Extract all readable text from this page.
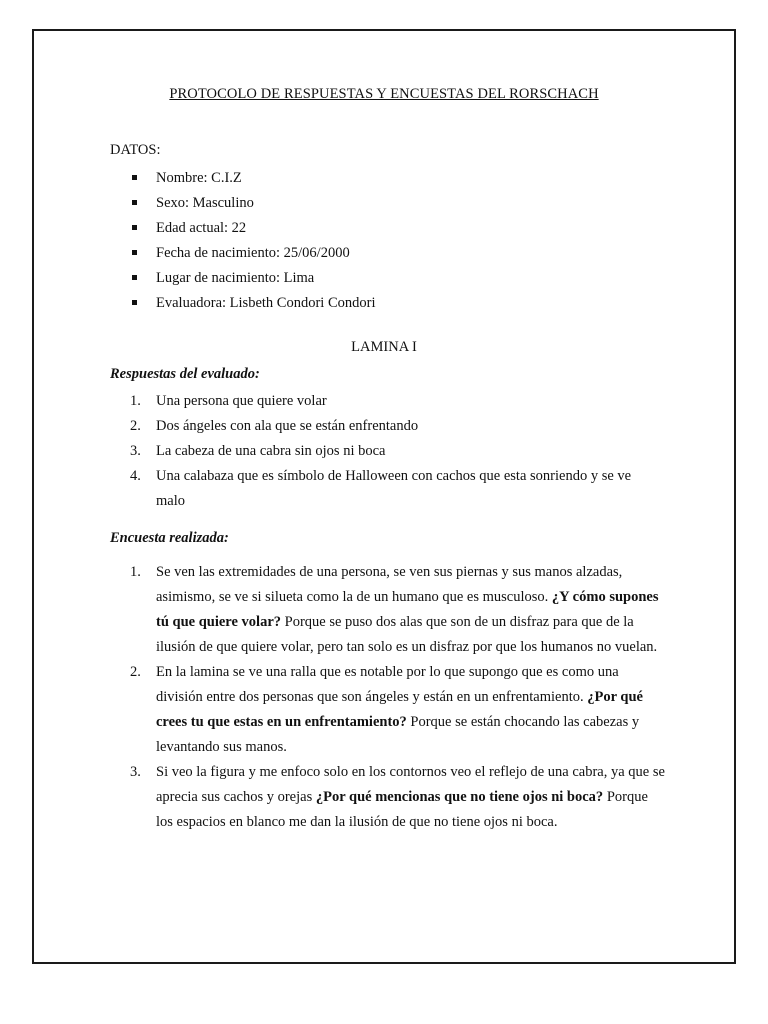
PROTOCOLO DE RESPUESTAS Y ENCUESTAS DEL RORSCHACH
DATOS:
Nombre: C.I.Z
Sexo: Masculino
Edad actual: 22
Fecha de nacimiento: 25/06/2000
Lugar de nacimiento: Lima
Evaluadora: Lisbeth Condori Condori
LAMINA I
Respuestas del evaluado:
1. Una persona que quiere volar
2. Dos ángeles con ala que se están enfrentando
3. La cabeza de una cabra sin ojos ni boca
4. Una calabaza que es símbolo de Halloween con cachos que esta sonriendo y se ve malo
Encuesta realizada:
1. Se ven las extremidades de una persona, se ven sus piernas y sus manos alzadas, asimismo, se ve si silueta como la de un humano que es musculoso. ¿Y cómo supones tú que quiere volar? Porque se puso dos alas que son de un disfraz para que de la ilusión de que quiere volar, pero tan solo es un disfraz por que los humanos no vuelan.
2. En la lamina se ve una ralla que es notable por lo que supongo que es como una división entre dos personas que son ángeles y están en un enfrentamiento. ¿Por qué crees tu que estas en un enfrentamiento? Porque se están chocando las cabezas y levantando sus manos.
3. Si veo la figura y me enfoco solo en los contornos veo el reflejo de una cabra, ya que se aprecia sus cachos y orejas ¿Por qué mencionas que no tiene ojos ni boca? Porque los espacios en blanco me dan la ilusión de que no tiene ojos ni boca.
